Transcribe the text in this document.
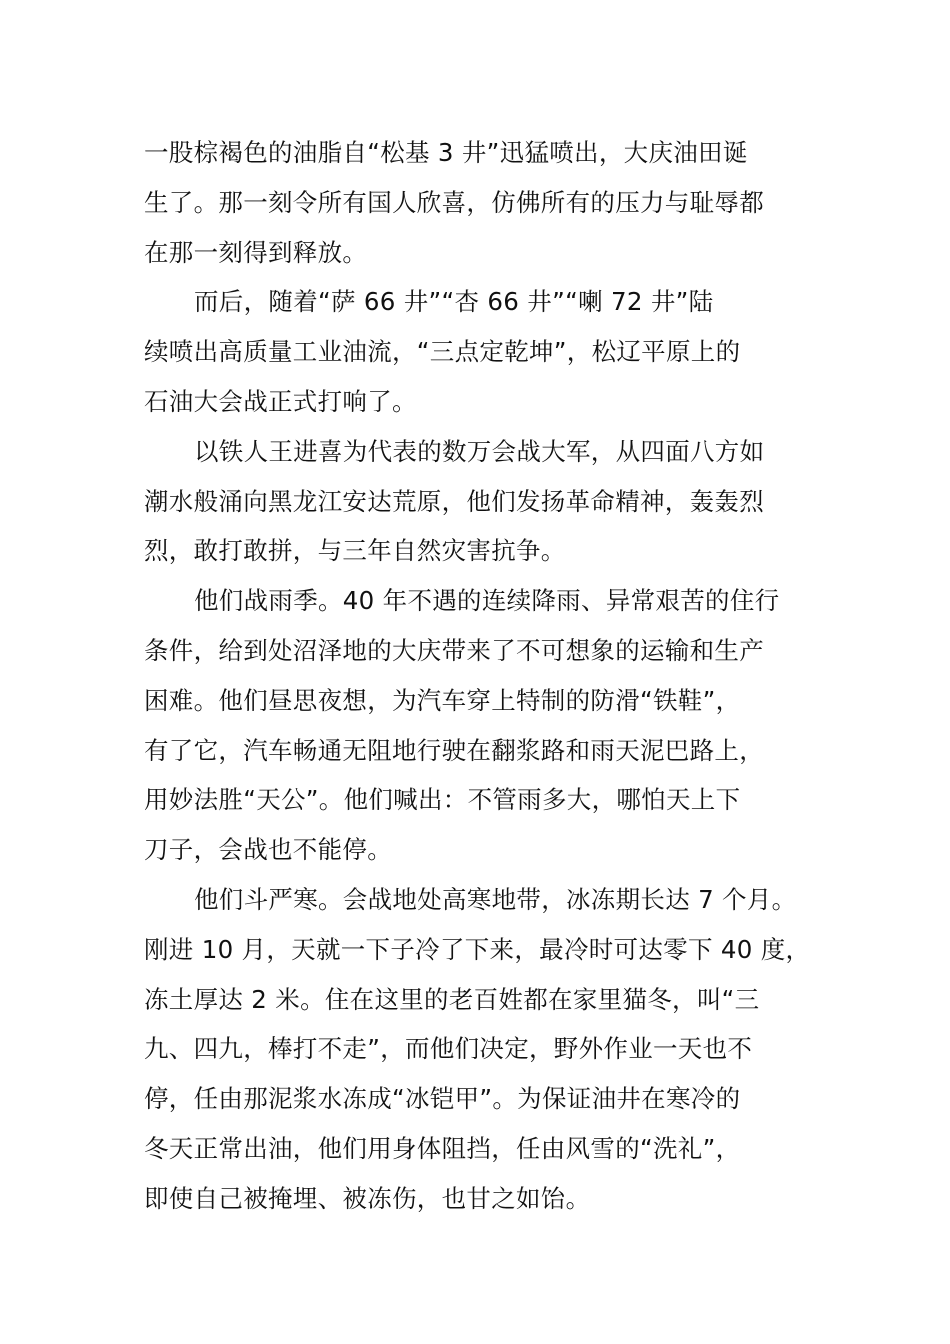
一股棕褐色的油脂自“松基 3 井”迅猛喷出，大庆油田诞
生了。那一刻令所有国人欣喜，仿佛所有的压力与耻辱都
在那一刻得到释放。
而后，随着“萨 66 井”“杏 66 井”“喇 72 井”陆
续喷出高质量工业油流，“三点定乾坤”，松辽平原上的
石油大会战正式打响了。
以铁人王进喜为代表的数万会战大军，从四面八方如
潮水般涌向黑龙江安达荒原，他们发扬革命精神，轰轰烈
烈，敢打敢拼，与三年自然灾害抗争。
他们战雨季。40 年不遇的连续降雨、异常艰苦的住行
条件，给到处沼泽地的大庆带来了不可想象的运输和生产
困难。他们昼思夜想，为汽车穿上特制的防滑“铁鞋”，
有了它，汽车畅通无阻地行驶在翻浆路和雨天泥巴路上，
用妙法胜“天公”。他们喊出：不管雨多大，哪怕天上下
刀子，会战也不能停。
他们斗严寒。会战地处高寒地带，冰冻期长达 7 个月。
刚进 10 月，天就一下子冷了下来，最冷时可达零下 40 度，
冻土厚达 2 米。住在这里的老百姓都在家里猫冬，叫“三
九、四九，棒打不走”，而他们决定，野外作业一天也不
停，任由那泥浆水冻成“冰铠甲”。为保证油井在寒冷的
冬天正常出油，他们用身体阻挡，任由风雪的“洗礼”，
即使自己被掩埋、被冻伤，也甘之如饴。
